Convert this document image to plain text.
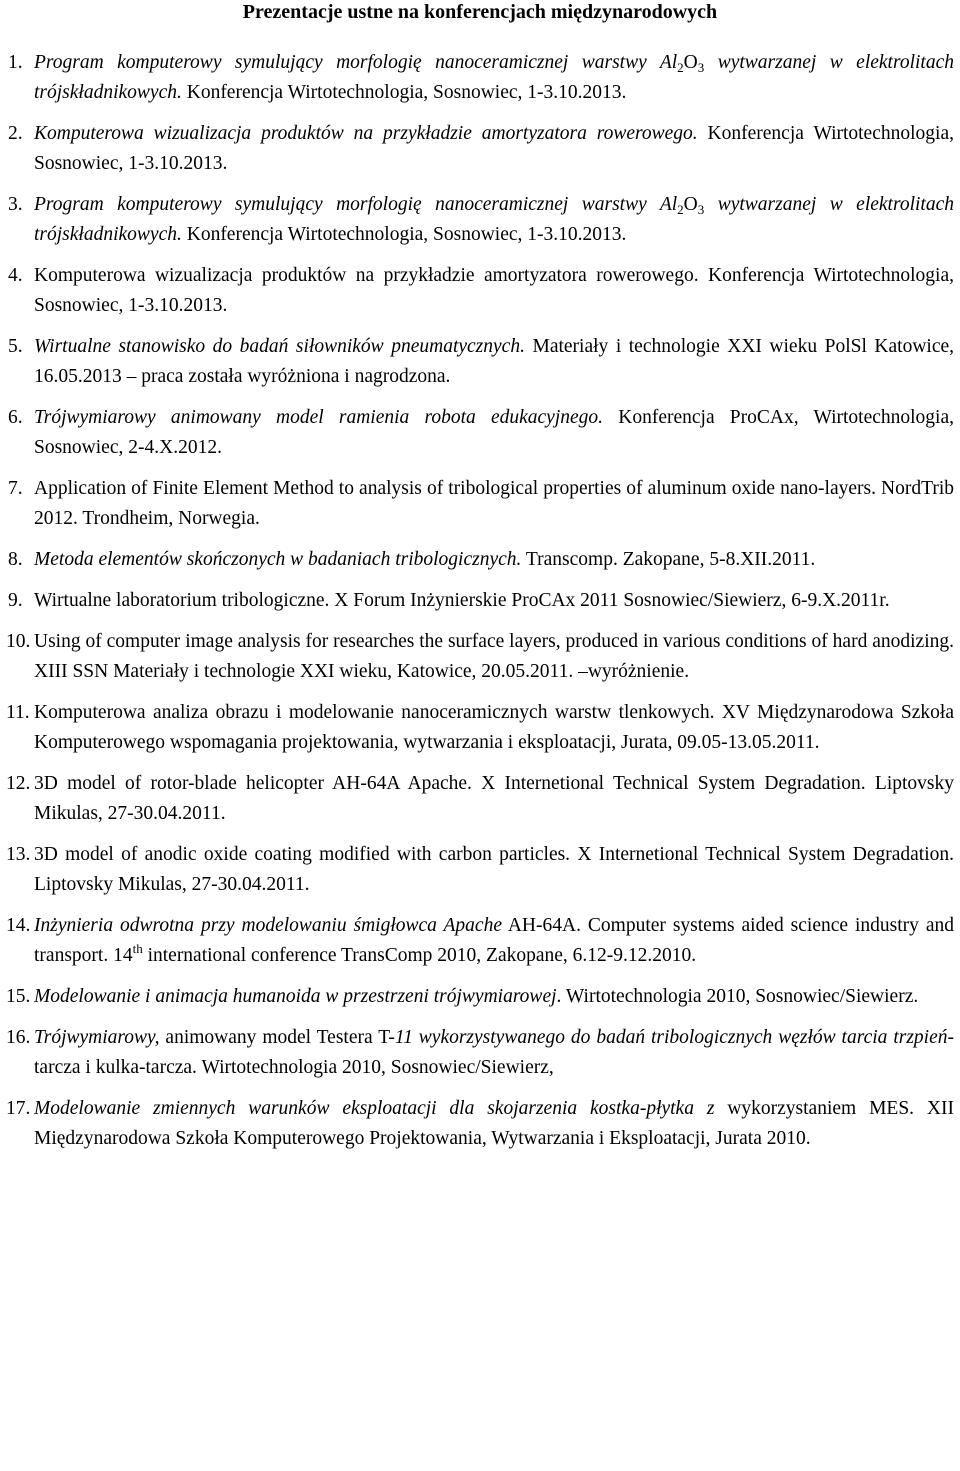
Prezentacje ustne na konferencjach międzynarodowych
1. Program komputerowy symulujący morfologię nanoceramicznej warstwy $Al_2O_3$ wytwarzanej w elektrolitach trójskładnikowych. Konferencja Wirtotechnologia, Sosnowiec, 1-3.10.2013.
2. Komputerowa wizualizacja produktów na przykładzie amortyzatora rowerowego. Konferencja Wirtotechnologia, Sosnowiec, 1-3.10.2013.
3. Program komputerowy symulujący morfologię nanoceramicznej warstwy $Al_2O_3$ wytwarzanej w elektrolitach trójskładnikowych. Konferencja Wirtotechnologia, Sosnowiec, 1-3.10.2013.
4. Komputerowa wizualizacja produktów na przykładzie amortyzatora rowerowego. Konferencja Wirtotechnologia, Sosnowiec, 1-3.10.2013.
5. Wirtualne stanowisko do badań siłowników pneumatycznych. Materiały i technologie XXI wieku PolSl Katowice, 16.05.2013 – praca została wyróżniona i nagrodzona.
6. Trójwymiarowy animowany model ramienia robota edukacyjnego. Konferencja ProCAx, Wirtotechnologia, Sosnowiec, 2-4.X.2012.
7. Application of Finite Element Method to analysis of tribological properties of aluminum oxide nano-layers. NordTrib 2012. Trondheim, Norwegia.
8. Metoda elementów skończonych w badaniach tribologicznych. Transcomp. Zakopane, 5-8.XII.2011.
9. Wirtualne laboratorium tribologiczne. X Forum Inżynierskie ProCAx 2011 Sosnowiec/Siewierz, 6-9.X.2011r.
10. Using of computer image analysis for researches the surface layers, produced in various conditions of hard anodizing. XIII SSN Materiały i technologie XXI wieku, Katowice, 20.05.2011. –wyróżnienie.
11. Komputerowa analiza obrazu i modelowanie nanoceramicznych warstw tlenkowych. XV Międzynarodowa Szkoła Komputerowego wspomagania projektowania, wytwarzania i eksploatacji, Jurata, 09.05-13.05.2011.
12. 3D model of rotor-blade helicopter AH-64A Apache. X Internetional Technical System Degradation. Liptovsky Mikulas, 27-30.04.2011.
13. 3D model of anodic oxide coating modified with carbon particles. X Internetional Technical System Degradation. Liptovsky Mikulas, 27-30.04.2011.
14. Inżynieria odwrotna przy modelowaniu śmigłowca Apache AH-64A. Computer systems aided science industry and transport. 14th international conference TransComp 2010, Zakopane, 6.12-9.12.2010.
15. Modelowanie i animacja humanoida w przestrzeni trójwymiarowej. Wirtotechnologia 2010, Sosnowiec/Siewierz.
16. Trójwymiarowy, animowany model Testera T-11 wykorzystywanego do badań tribologicznych węzłów tarcia trzpień-tarcza i kulka-tarcza. Wirtotechnologia 2010, Sosnowiec/Siewierz,
17. Modelowanie zmiennych warunków eksploatacji dla skojarzenia kostka-płytka z wykorzystaniem MES. XII Międzynarodowa Szkoła Komputerowego Projektowania, Wytwarzania i Eksploatacji, Jurata 2010.
